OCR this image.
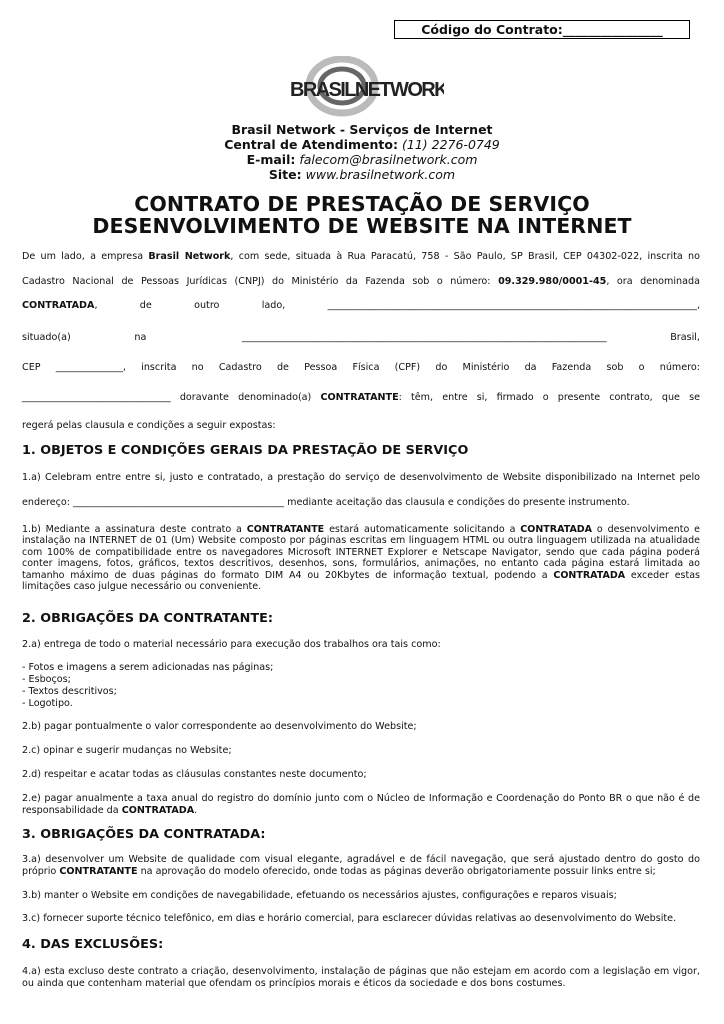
Código do Contrato:________________
BRASILNETWORK
Brasil Network - Serviços de Internet
Central de Atendimento: (11) 2276-0749
E-mail: falecom@brasilnetwork.com
Site: www.brasilnetwork.com
CONTRATO DE PRESTAÇÃO DE SERVIÇO
DESENVOLVIMENTO DE WEBSITE NA INTERNET
De um lado, a empresa Brasil Network, com sede, situada à Rua Paracatú, 758 - São Paulo, SP Brasil, CEP 04302-022, inscrita no
Cadastro Nacional de Pessoas Jurídicas (CNPJ) do Ministério da Fazenda sob o número: 09.329.980/0001-45, ora denominada
CONTRATADA,  de  outro  lado,  _____________________________________________________________________________,
situado(a)  na   ____________________________________________________________________________  Brasil,
CEP  ______________,  inscrita  no  Cadastro  de  Pessoa  Física  (CPF)  do  Ministério  da  Fazenda  sob  o  número:
_______________________________ doravante denominado(a) CONTRATANTE: têm, entre si, firmado o presente contrato, que se
regerá pelas clausula e condições a seguir expostas:
1. OBJETOS E CONDIÇÕES GERAIS DA PRESTAÇÃO DE SERVIÇO
1.a) Celebram entre entre si, justo e contratado, a prestação do serviço de desenvolvimento de Website disponibilizado na Internet pelo
endereço: ____________________________________________ mediante aceitação das clausula e condições do presente instrumento.
1.b) Mediante a assinatura deste contrato a CONTRATANTE estará automaticamente solicitando a CONTRATADA o desenvolvimento e instalação na INTERNET de 01 (Um) Website composto por páginas escritas em linguagem HTML ou outra linguagem utilizada na atualidade com 100% de compatibilidade entre os navegadores Microsoft INTERNET Explorer e Netscape Navigator, sendo que cada página poderá conter imagens, fotos, gráficos, textos descritivos, desenhos, sons, formulários, animações, no entanto cada página estará limitada ao tamanho máximo de duas páginas do formato DIM A4 ou 20Kbytes de informação textual, podendo a CONTRATADA exceder estas limitações caso julgue necessário ou conveniente.
2. OBRIGAÇÕES DA CONTRATANTE:
2.a) entrega de todo o material necessário para execução dos trabalhos ora tais como:
- Fotos e imagens a serem adicionadas nas páginas;
- Esboços;
- Textos descritivos;
- Logotipo.
2.b) pagar pontualmente o valor correspondente ao desenvolvimento do Website;
2.c) opinar e sugerir mudanças no Website;
2.d) respeitar e acatar todas as cláusulas constantes neste documento;
2.e) pagar anualmente a taxa anual do registro do domínio junto com o Núcleo de Informação e Coordenação do Ponto BR o que não é de responsabilidade da CONTRATADA.
3. OBRIGAÇÕES DA CONTRATADA:
3.a) desenvolver um Website de qualidade com visual elegante, agradável e de fácil navegação, que será ajustado dentro do gosto do próprio CONTRATANTE na aprovação do modelo oferecido, onde todas as páginas deverão obrigatoriamente possuir links entre si;
3.b) manter o Website em condições de navegabilidade, efetuando os necessários ajustes, configurações e reparos visuais;
3.c) fornecer suporte técnico telefônico, em dias e horário comercial, para esclarecer dúvidas relativas ao desenvolvimento do Website.
4. DAS EXCLUSÕES:
4.a) esta excluso deste contrato a criação, desenvolvimento, instalação de páginas que não estejam em acordo com a legislação em vigor, ou ainda que contenham material que ofendam os princípios morais e éticos da sociedade e dos bons costumes.
